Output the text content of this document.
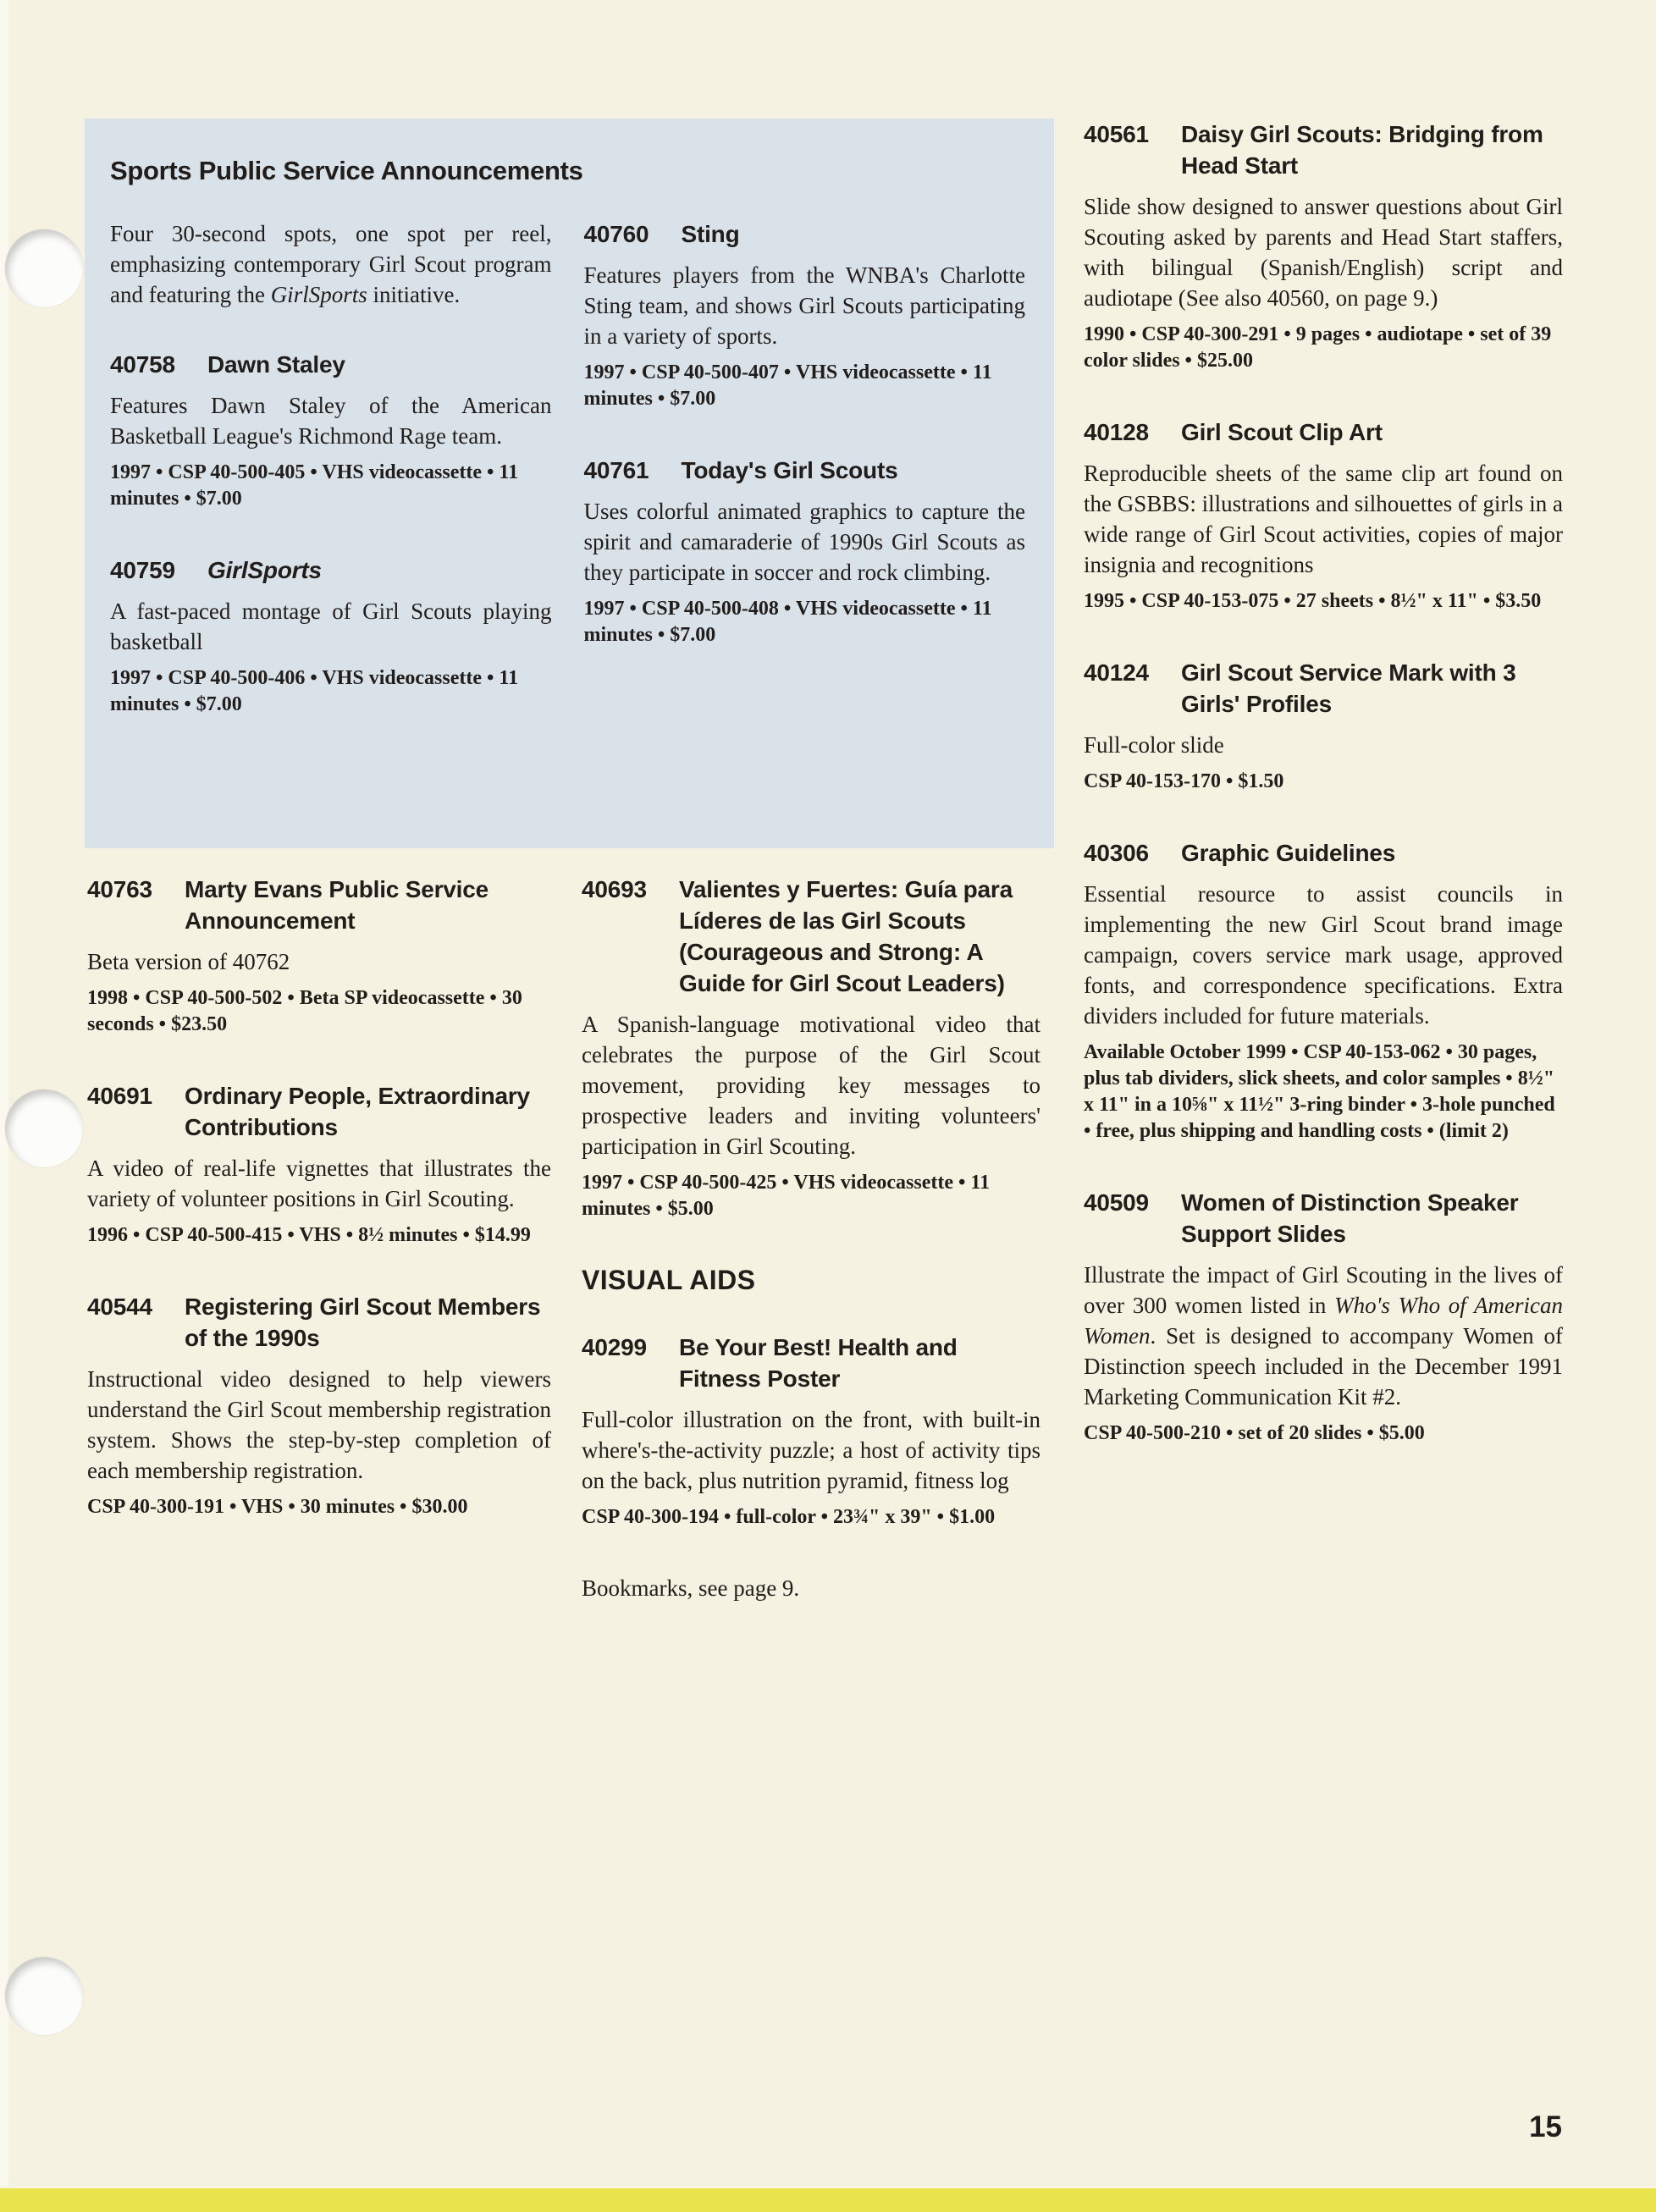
Sports Public Service Announcements

Four 30-second spots, one spot per reel, emphasizing contemporary Girl Scout program and featuring the GirlSports initiative.

40758	Dawn Staley

Features Dawn Staley of the American Basketball League's Richmond Rage team.

1997 • CSP 40-500-405 • VHS videocassette • 11 minutes • $7.00

40759	GirlSports

A fast-paced montage of Girl Scouts playing basketball

1997 • CSP 40-500-406 • VHS videocassette • 11 minutes • $7.00

40760	Sting

Features players from the WNBA's Charlotte Sting team, and shows Girl Scouts participating in a variety of sports.

1997 • CSP 40-500-407 • VHS videocassette • 11 minutes • $7.00

40761	Today's Girl Scouts

Uses colorful animated graphics to capture the spirit and camaraderie of 1990s Girl Scouts as they participate in soccer and rock climbing.

1997 • CSP 40-500-408 • VHS videocassette • 11 minutes • $7.00

40763	Marty Evans Public Service Announcement

Beta version of 40762

1998 • CSP 40-500-502 • Beta SP videocassette • 30 seconds • $23.50

40691	Ordinary People, Extraordinary Contributions

A video of real-life vignettes that illustrates the variety of volunteer positions in Girl Scouting.

1996 • CSP 40-500-415 • VHS • 8½ minutes • $14.99

40544	Registering Girl Scout Members of the 1990s

Instructional video designed to help viewers understand the Girl Scout membership registration system. Shows the step-by-step completion of each membership registration.

CSP 40-300-191 • VHS • 30 minutes • $30.00

40693	Valientes y Fuertes: Guía para Líderes de las Girl Scouts (Courageous and Strong: A Guide for Girl Scout Leaders)

A Spanish-language motivational video that celebrates the purpose of the Girl Scout movement, providing key messages to prospective leaders and inviting volunteers' participation in Girl Scouting.

1997 • CSP 40-500-425 • VHS videocassette • 11 minutes • $5.00

VISUAL AIDS
40299	Be Your Best! Health and Fitness Poster

Full-color illustration on the front, with built-in where's-the-activity puzzle; a host of activity tips on the back, plus nutrition pyramid, fitness log

CSP 40-300-194 • full-color • 23¾" x 39" • $1.00

Bookmarks, see page 9.

40561	Daisy Girl Scouts: Bridging from Head Start

Slide show designed to answer questions about Girl Scouting asked by parents and Head Start staffers, with bilingual (Spanish/English) script and audiotape (See also 40560, on page 9.)

1990 • CSP 40-300-291 • 9 pages • audiotape • set of 39 color slides • $25.00

40128	Girl Scout Clip Art

Reproducible sheets of the same clip art found on the GSBBS: illustrations and silhouettes of girls in a wide range of Girl Scout activities, copies of major insignia and recognitions

1995 • CSP 40-153-075 • 27 sheets • 8½" x 11" • $3.50

40124	Girl Scout Service Mark with 3 Girls' Profiles

Full-color slide

CSP 40-153-170 • $1.50

40306	Graphic Guidelines

Essential resource to assist councils in implementing the new Girl Scout brand image campaign, covers service mark usage, approved fonts, and correspondence specifications. Extra dividers included for future materials.

Available October 1999 • CSP 40-153-062 • 30 pages, plus tab dividers, slick sheets, and color samples • 8½" x 11" in a 10⅝" x 11½" 3-ring binder • 3-hole punched • free, plus shipping and handling costs • (limit 2)

40509	Women of Distinction Speaker Support Slides

Illustrate the impact of Girl Scouting in the lives of over 300 women listed in Who's Who of American Women. Set is designed to accompany Women of Distinction speech included in the December 1991 Marketing Communication Kit #2.

CSP 40-500-210 • set of 20 slides • $5.00

15
